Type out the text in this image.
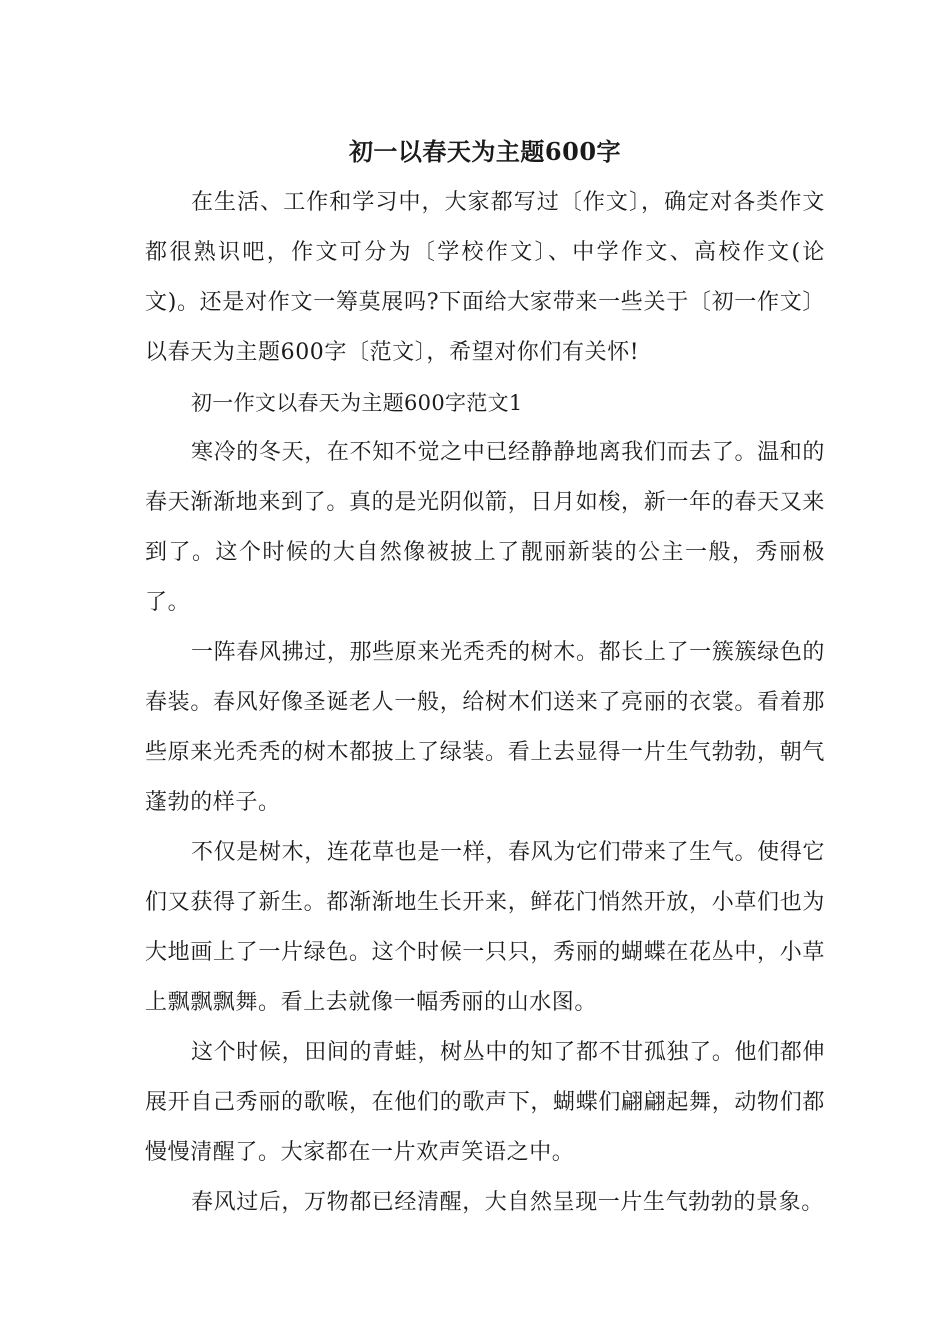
初一以春天为主题600字

在生活、工作和学习中，大家都写过〔作文〕，确定对各类作文都很熟识吧，作文可分为〔学校作文〕、中学作文、高校作文(论文)。还是对作文一筹莫展吗?下面给大家带来一些关于〔初一作文〕以春天为主题600字〔范文〕，希望对你们有关怀!

初一作文以春天为主题600字范文1

寒冷的冬天，在不知不觉之中已经静静地离我们而去了。温和的春天渐渐地来到了。真的是光阴似箭，日月如梭，新一年的春天又来到了。这个时候的大自然像被披上了靓丽新装的公主一般，秀丽极了。

一阵春风拂过，那些原来光秃秃的树木。都长上了一簇簇绿色的春装。春风好像圣诞老人一般，给树木们送来了亮丽的衣裳。看着那些原来光秃秃的树木都披上了绿装。看上去显得一片生气勃勃，朝气蓬勃的样子。

不仅是树木，连花草也是一样，春风为它们带来了生气。使得它们又获得了新生。都渐渐地生长开来，鲜花门悄然开放，小草们也为大地画上了一片绿色。这个时候一只只，秀丽的蝴蝶在花丛中，小草上飘飘飘舞。看上去就像一幅秀丽的山水图。

这个时候，田间的青蛙，树丛中的知了都不甘孤独了。他们都伸展开自己秀丽的歌喉，在他们的歌声下，蝴蝶们翩翩起舞，动物们都慢慢清醒了。大家都在一片欢声笑语之中。

春风过后，万物都已经清醒，大自然呈现一片生气勃勃的景象。
